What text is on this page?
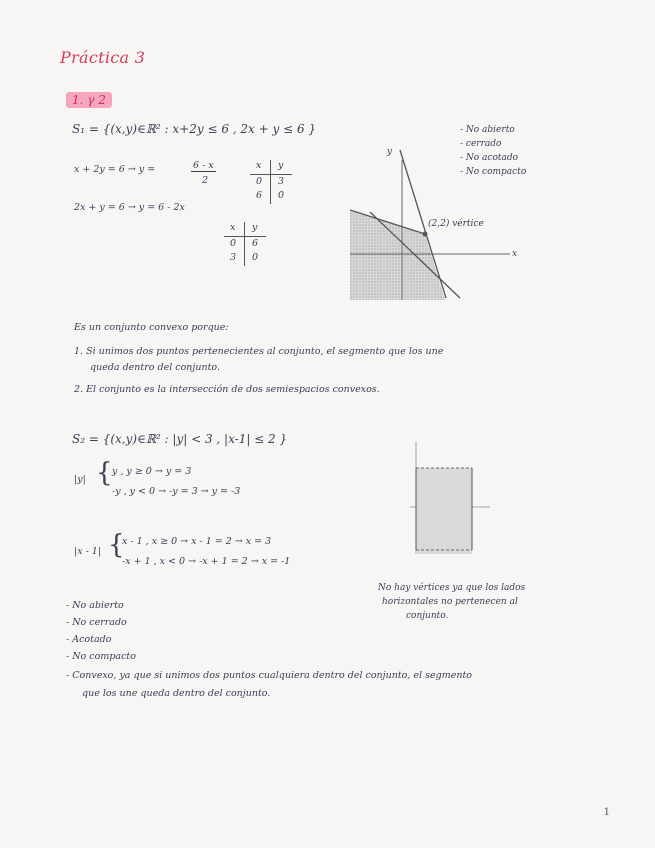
Práctica 3
1. γ 2
S₁ = {(x,y)∈ℝ² : x+2y ≤ 6 , 2x + y ≤ 6 }	- No abierto
- cerrado
- No acotado
- No compacto
x + 2y = 6 → y =	6 - x
2
x y
0 3
6 0
2x + y = 6 → y = 6 - 2x
x y
0 6
3 0
y
x
(2,2) vértice
Es un conjunto convexo porque:
1. Si unimos dos puntos pertenecientes al conjunto, el segmento que los une
queda dentro del conjunto.
2. El conjunto es la intersección de dos semiespacios convexos.
S₂ = {(x,y)∈ℝ² : |y| < 3 , |x-1| ≤ 2 }
|y| { y , y ≥ 0 → y = 3
-y , y < 0 → -y = 3 → y = -3
|x - 1| {
x - 1 , x ≥ 0 → x - 1 = 2 → x = 3
-x + 1 , x < 0 → -x + 1 = 2 → x = -1
No hay vértices ya que los lados
horizontales no pertenecen al
conjunto.
- No abierto
- No cerrado
- Acotado
- No compacto
- Convexo, ya que si unimos dos puntos cualquiera dentro del conjunto, el segmento
que los une queda dentro del conjunto.
1
